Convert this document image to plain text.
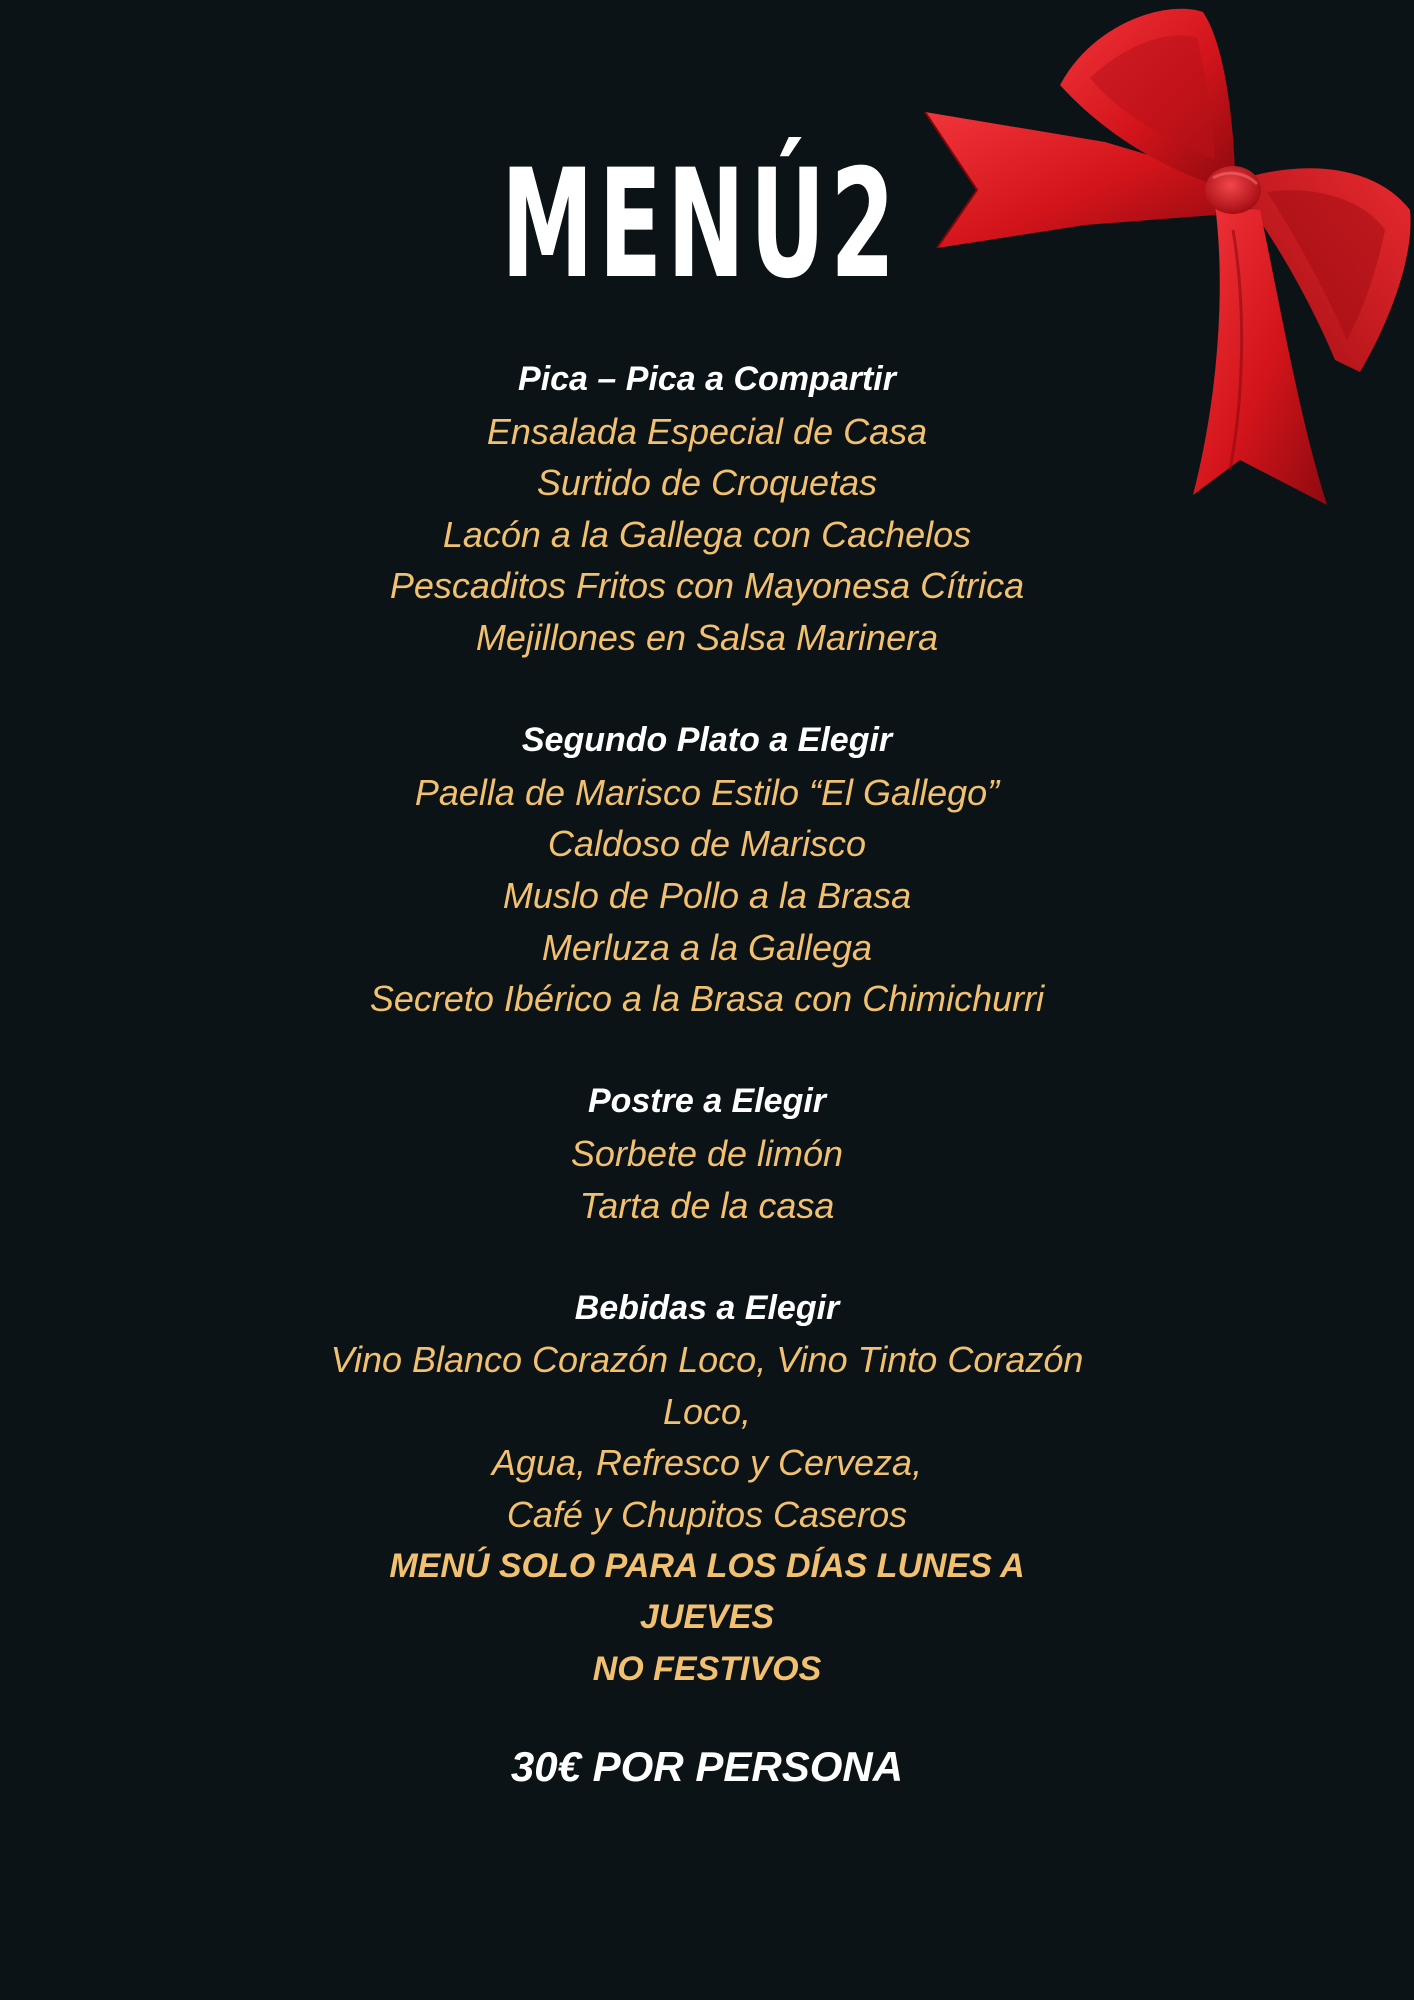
MENÚ2
Pica – Pica a Compartir
Ensalada Especial de Casa
Surtido de Croquetas
Lacón a la Gallega con Cachelos
Pescaditos Fritos con Mayonesa Cítrica
Mejillones en Salsa Marinera
Segundo Plato a Elegir
Paella de Marisco Estilo “El Gallego”
Caldoso de Marisco
Muslo de Pollo a la Brasa
Merluza a la Gallega
Secreto Ibérico a la Brasa con Chimichurri
Postre a Elegir
Sorbete de limón
Tarta de la casa
Bebidas a Elegir
Vino Blanco Corazón Loco, Vino Tinto Corazón
Loco,
Agua, Refresco y Cerveza,
Café y Chupitos Caseros
MENÚ SOLO PARA LOS DÍAS LUNES A
JUEVES
NO FESTIVOS
30€ POR PERSONA
